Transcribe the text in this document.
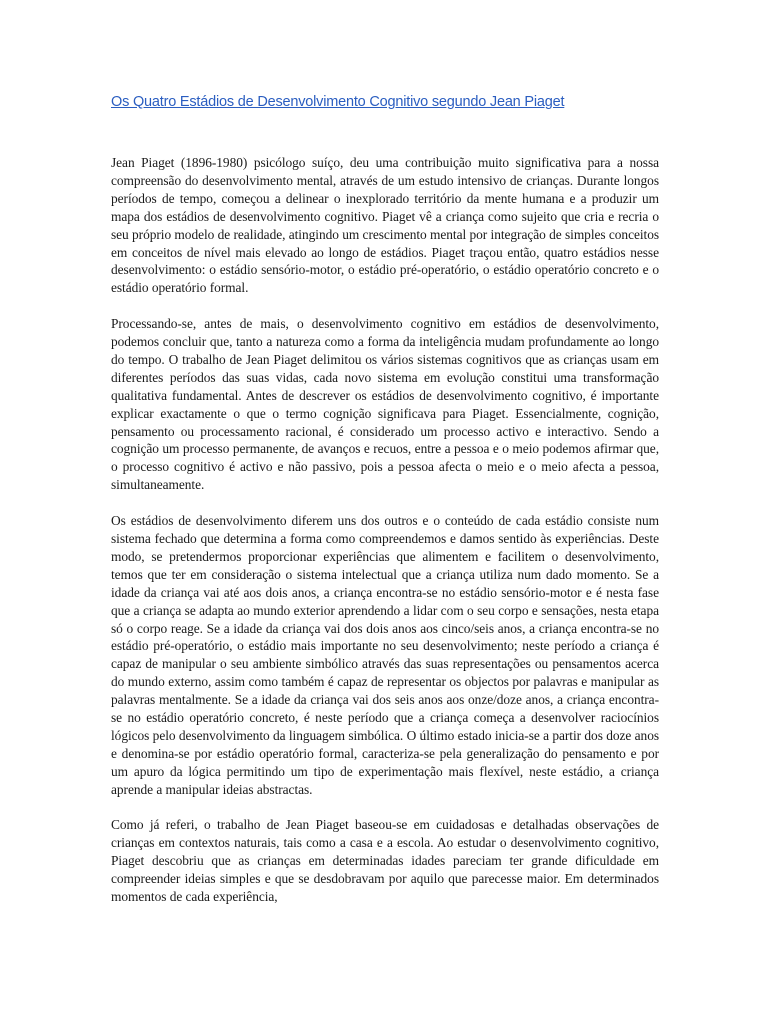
Os Quatro Estádios de Desenvolvimento Cognitivo segundo Jean Piaget

Jean Piaget (1896-1980) psicólogo suíço, deu uma contribuição muito significativa para a nossa compreensão do desenvolvimento mental, através de um estudo intensivo de crianças. Durante longos períodos de tempo, começou a delinear o inexplorado território da mente humana e a produzir um mapa dos estádios de desenvolvimento cognitivo. Piaget vê a criança como sujeito que cria e recria o seu próprio modelo de realidade, atingindo um crescimento mental por integração de simples conceitos em conceitos de nível mais elevado ao longo de estádios. Piaget traçou então, quatro estádios nesse desenvolvimento: o estádio sensório-motor, o estádio pré-operatório, o estádio operatório concreto e o estádio operatório formal.

Processando-se, antes de mais, o desenvolvimento cognitivo em estádios de desenvolvimento, podemos concluir que, tanto a natureza como a forma da inteligência mudam profundamente ao longo do tempo. O trabalho de Jean Piaget delimitou os vários sistemas cognitivos que as crianças usam em diferentes períodos das suas vidas, cada novo sistema em evolução constitui uma transformação qualitativa fundamental. Antes de descrever os estádios de desenvolvimento cognitivo, é importante explicar exactamente o que o termo cognição significava para Piaget. Essencialmente, cognição, pensamento ou processamento racional, é considerado um processo activo e interactivo. Sendo a cognição um processo permanente, de avanços e recuos, entre a pessoa e o meio podemos afirmar que, o processo cognitivo é activo e não passivo, pois a pessoa afecta o meio e o meio afecta a pessoa, simultaneamente.

Os estádios de desenvolvimento diferem uns dos outros e o conteúdo de cada estádio consiste num sistema fechado que determina a forma como compreendemos e damos sentido às experiências. Deste modo, se pretendermos proporcionar experiências que alimentem e facilitem o desenvolvimento, temos que ter em consideração o sistema intelectual que a criança utiliza num dado momento. Se a idade da criança vai até aos dois anos, a criança encontra-se no estádio sensório-motor e é nesta fase que a criança se adapta ao mundo exterior aprendendo a lidar com o seu corpo e sensações, nesta etapa só o corpo reage. Se a idade da criança vai dos dois anos aos cinco/seis anos, a criança encontra-se no estádio pré-operatório, o estádio mais importante no seu desenvolvimento; neste período a criança é capaz de manipular o seu ambiente simbólico através das suas representações ou pensamentos acerca do mundo externo, assim como também é capaz de representar os objectos por palavras e manipular as palavras mentalmente. Se a idade da criança vai dos seis anos aos onze/doze anos, a criança encontra-se no estádio operatório concreto, é neste período que a criança começa a desenvolver raciocínios lógicos pelo desenvolvimento da linguagem simbólica. O último estado inicia-se a partir dos doze anos e denomina-se por estádio operatório formal, caracteriza-se pela generalização do pensamento e por um apuro da lógica permitindo um tipo de experimentação mais flexível, neste estádio, a criança aprende a manipular ideias abstractas.

Como já referi, o trabalho de Jean Piaget baseou-se em cuidadosas e detalhadas observações de crianças em contextos naturais, tais como a casa e a escola. Ao estudar o desenvolvimento cognitivo, Piaget descobriu que as crianças em determinadas idades pareciam ter grande dificuldade em compreender ideias simples e que se desdobravam por aquilo que parecesse maior. Em determinados momentos de cada experiência,
